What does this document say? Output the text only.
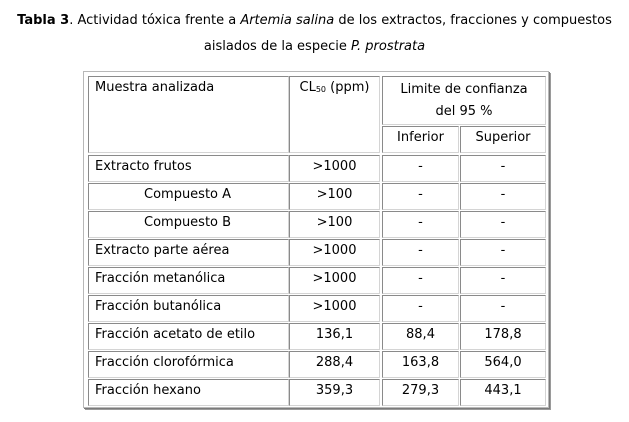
Tabla 3. Actividad tóxica frente a Artemia salina de los extractos, fracciones y compuestos
aislados de la especie P. prostrata
Muestra analizada	$CL_{50}$ (ppm)	Limite de confianza
del 95 %
Inferior	Superior
Extracto frutos	>1000	-	-
Compuesto A	>100	-	-
Compuesto B	>100	-	-
Extracto parte aérea	>1000	-	-
Fracción metanólica	>1000	-	-
Fracción butanólica	>1000	-	-
Fracción acetato de etilo	136,1	88,4	178,8
Fracción clorofórmica	288,4	163,8	564,0
Fracción hexano	359,3	279,3	443,1
